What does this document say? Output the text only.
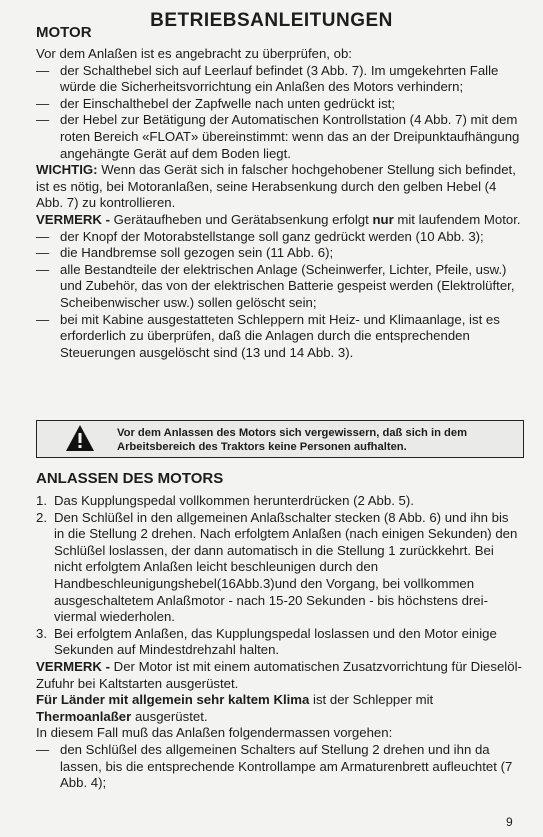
BETRIEBSANLEITUNGEN
MOTOR

Vor dem Anlaßen ist es angebracht zu überprüfen, ob:

— der Schalthebel sich auf Leerlauf befindet (3 Abb. 7). Im umgekehrten Falle würde die Sicherheitsvorrichtung ein Anlaßen des Motors verhindern;
— der Einschalthebel der Zapfwelle nach unten gedrückt ist;
— der Hebel zur Betätigung der Automatischen Kontrollstation (4 Abb. 7) mit dem roten Bereich «FLOAT» übereinstimmt: wenn das an der Dreipunktaufhängung angehängte Gerät auf dem Boden liegt.

WICHTIG: Wenn das Gerät sich in falscher hochgehobener Stellung sich befindet, ist es nötig, bei Motoranlaßen, seine Herabsenkung durch den gelben Hebel (4 Abb. 7) zu kontrollieren.

VERMERK - Gerätaufheben und Gerätabsenkung erfolgt nur mit laufendem Motor.

— der Knopf der Motorabstellstange soll ganz gedrückt werden (10 Abb. 3);
— die Handbremse soll gezogen sein (11 Abb. 6);
— alle Bestandteile der elektrischen Anlage (Scheinwerfer, Lichter, Pfeile, usw.) und Zubehör, das von der elektrischen Batterie gespeist werden (Elektrolüfter, Scheibenwischer usw.) sollen gelöscht sein;
— bei mit Kabine ausgestatteten Schleppern mit Heiz- und Klimaanlage, ist es erforderlich zu überprüfen, daß die Anlagen durch die entsprechenden Steuerungen ausgelöscht sind (13 und 14 Abb. 3).
Vor dem Anlassen des Motors sich vergewissern, daß sich in dem
Arbeitsbereich des Traktors keine Personen aufhalten.
ANLASSEN DES MOTORS
1. Das Kupplungspedal vollkommen herunterdrücken (2 Abb. 5).
2. Den Schlüßel in den allgemeinen Anlaßschalter stecken (8 Abb. 6) und ihn bis in die Stellung 2 drehen. Nach erfolgtem Anlaßen (nach einigen Sekunden) den Schlüßel loslassen, der dann automatisch in die Stellung 1 zurückkehrt. Bei nicht erfolgtem Anlaßen leicht beschleunigen durch den Handbeschleunigungshebel(16Abb.3)und den Vorgang, bei vollkommen ausgeschaltetem Anlaßmotor - nach 15-20 Sekunden - bis höchstens drei- viermal wiederholen.
3. Bei erfolgtem Anlaßen, das Kupplungspedal loslassen und den Motor einige Sekunden auf Mindestdrehzahl halten.

VERMERK - Der Motor ist mit einem automatischen Zusatzvorrichtung für Dieselöl-Zufuhr bei Kaltstarten ausgerüstet.

Für Länder mit allgemein sehr kaltem Klima ist der Schlepper mit Thermoanlaßer ausgerüstet.

In diesem Fall muß das Anlaßen folgendermassen vorgehen:

— den Schlüßel des allgemeinen Schalters auf Stellung 2 drehen und ihn da lassen, bis die entsprechende Kontrollampe am Armaturenbrett aufleuchtet (7 Abb. 4);
9
